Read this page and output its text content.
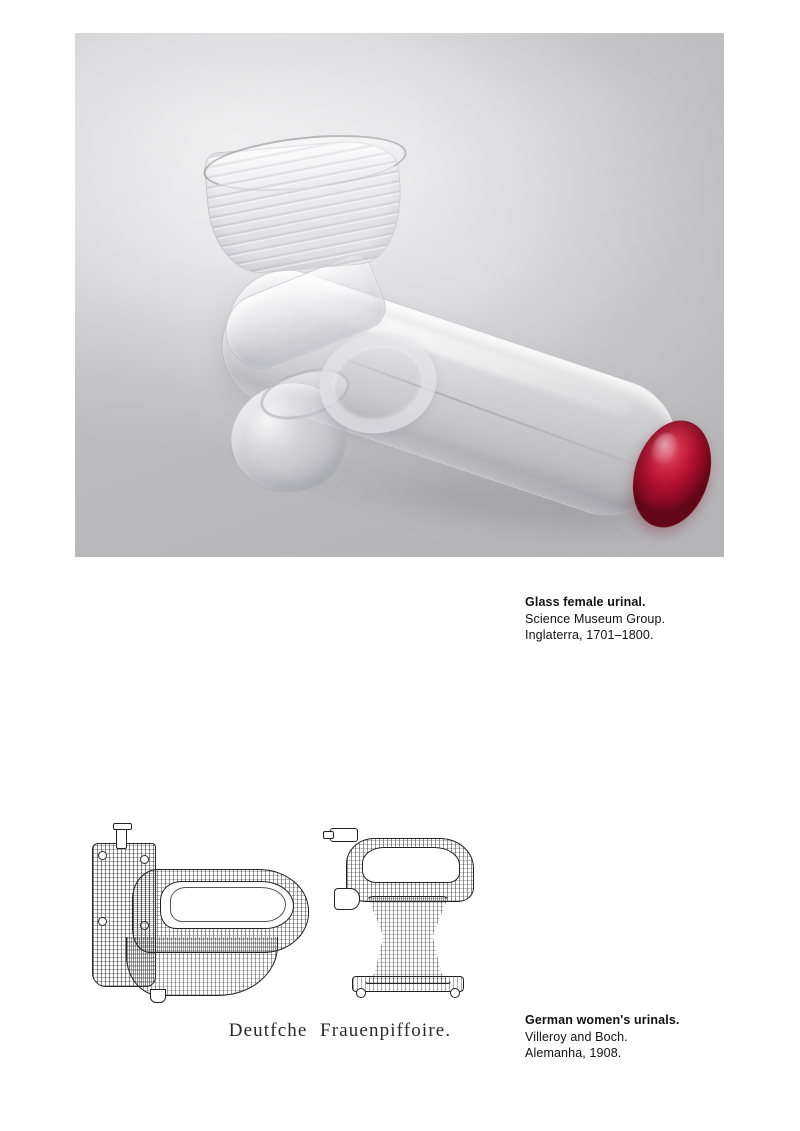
Glass female urinal.
Science Museum Group.
Inglaterra, 1701–1800.
Deutfche Frauenpiffoire.	German women's urinals.
Villeroy and Boch.
Alemanha, 1908.
